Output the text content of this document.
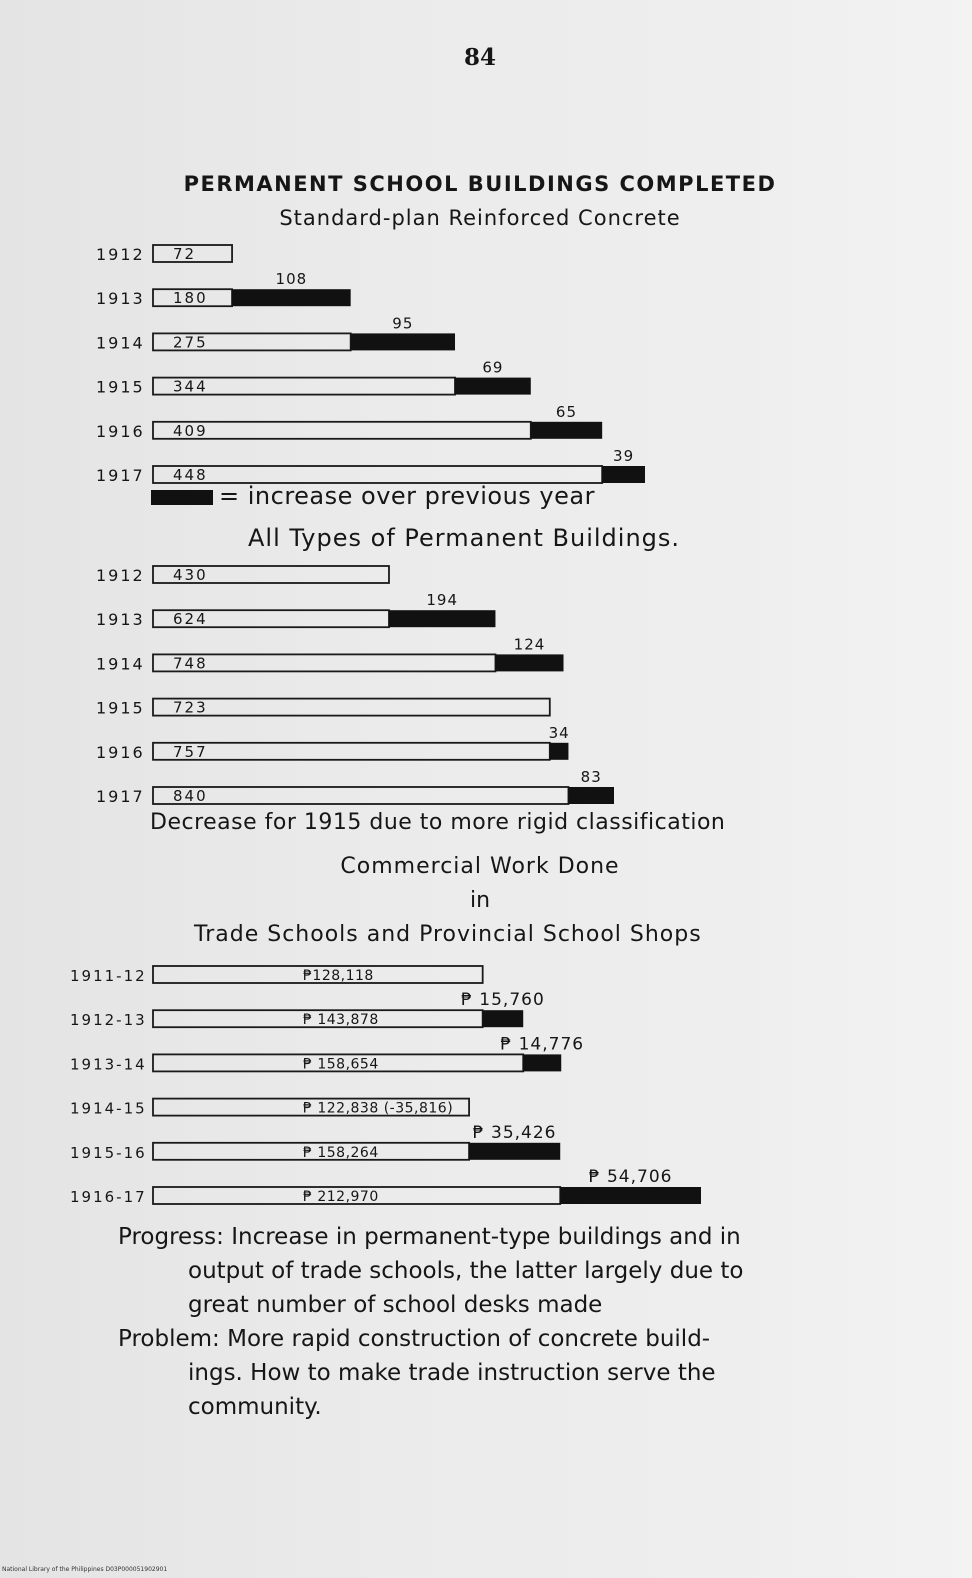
84
PERMANENT SCHOOL BUILDINGS COMPLETED
Standard-plan Reinforced Concrete
= increase over previous year
All Types of Permanent Buildings.
Decrease for 1915 due to more rigid classification
Commercial Work Done
in
Trade Schools and Provincial School Shops
1912 72
1913 180
108
1914 275
95
1915 344
69
1916 409
65
1917 448
39
1912 430
1913 624
194
1914 748
124
1915 723
1916 757
34
1917 840
83
1911-12	₱128,118
1912-13	₱ 143,878
₱ 15,760
1913-14	₱ 158,654
₱ 14,776
1914-15	₱ 122,838 (-35,816)
1915-16	₱ 158,264
₱ 35,426
1916-17	₱ 212,970
₱ 54,706
Progress: Increase in permanent-type buildings and in
output of trade schools, the latter largely due to
great number of school desks made
Problem: More rapid construction of concrete build-
ings. How to make trade instruction serve the
community.
National Library of the Philippines D03P000051902901
